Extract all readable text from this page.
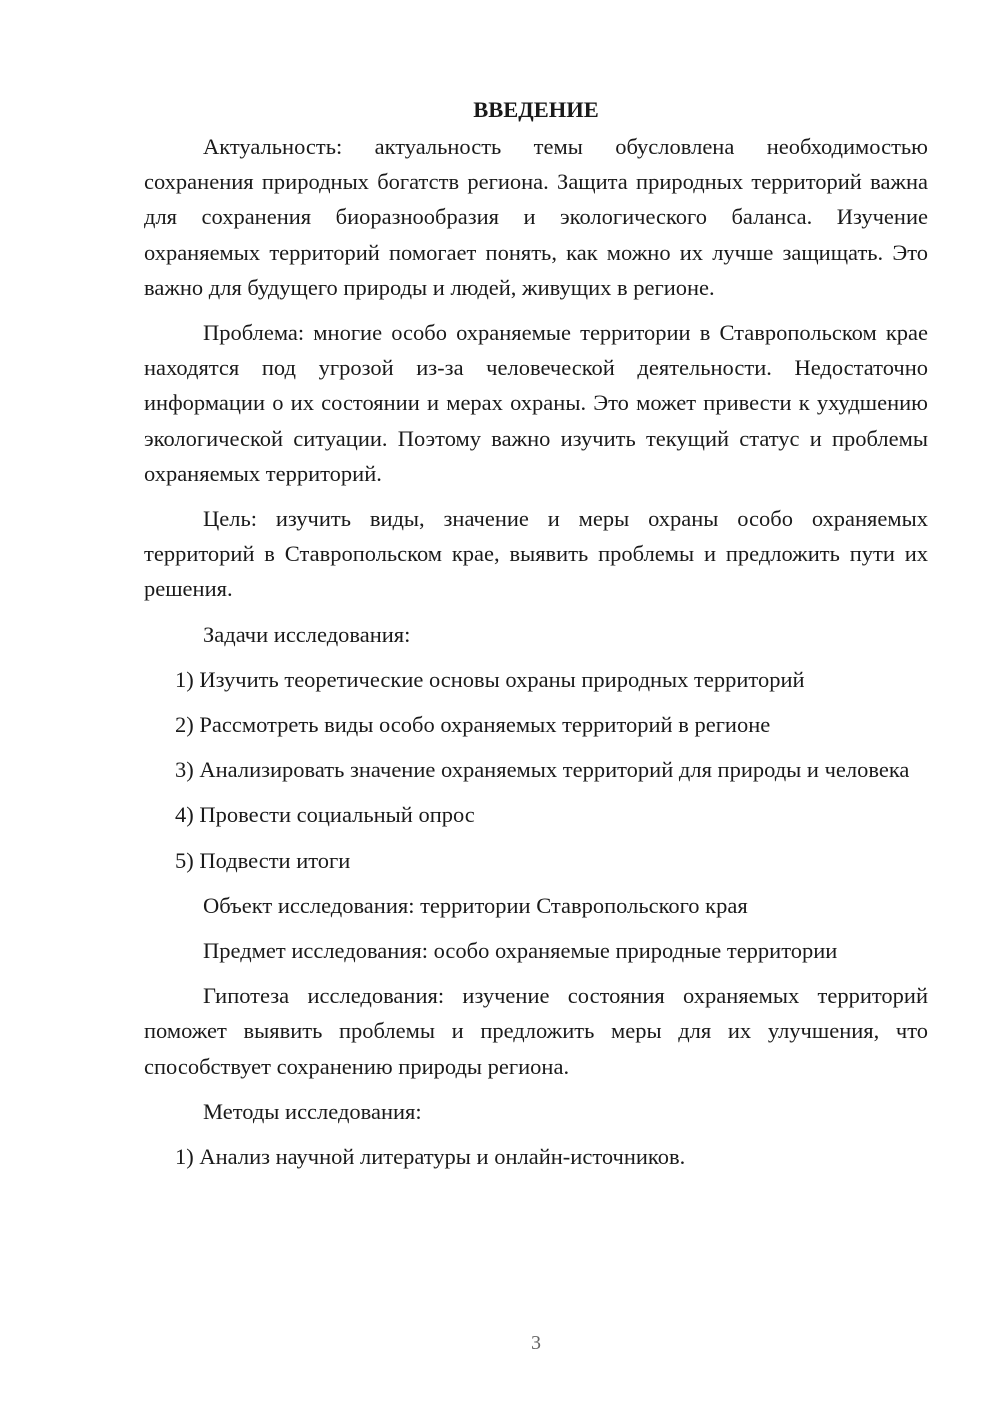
ВВЕДЕНИЕ

Актуальность: актуальность темы обусловлена необходимостью сохранения природных богатств региона. Защита природных территорий важна для сохранения биоразнообразия и экологического баланса. Изучение охраняемых территорий помогает понять, как можно их лучше защищать. Это важно для будущего природы и людей, живущих в регионе.

Проблема: многие особо охраняемые территории в Ставропольском крае находятся под угрозой из-за человеческой деятельности. Недостаточно информации о их состоянии и мерах охраны. Это может привести к ухудшению экологической ситуации. Поэтому важно изучить текущий статус и проблемы охраняемых территорий.

Цель: изучить виды, значение и меры охраны особо охраняемых территорий в Ставропольском крае, выявить проблемы и предложить пути их решения.

Задачи исследования:

1) Изучить теоретические основы охраны природных территорий

2) Рассмотреть виды особо охраняемых территорий в регионе

3) Анализировать значение охраняемых территорий для природы и человека

4) Провести социальный опрос

5) Подвести итоги

Объект исследования: территории Ставропольского края

Предмет исследования: особо охраняемые природные территории

Гипотеза исследования: изучение состояния охраняемых территорий поможет выявить проблемы и предложить меры для их улучшения, что способствует сохранению природы региона.

Методы исследования:

1) Анализ научной литературы и онлайн-источников.

3
